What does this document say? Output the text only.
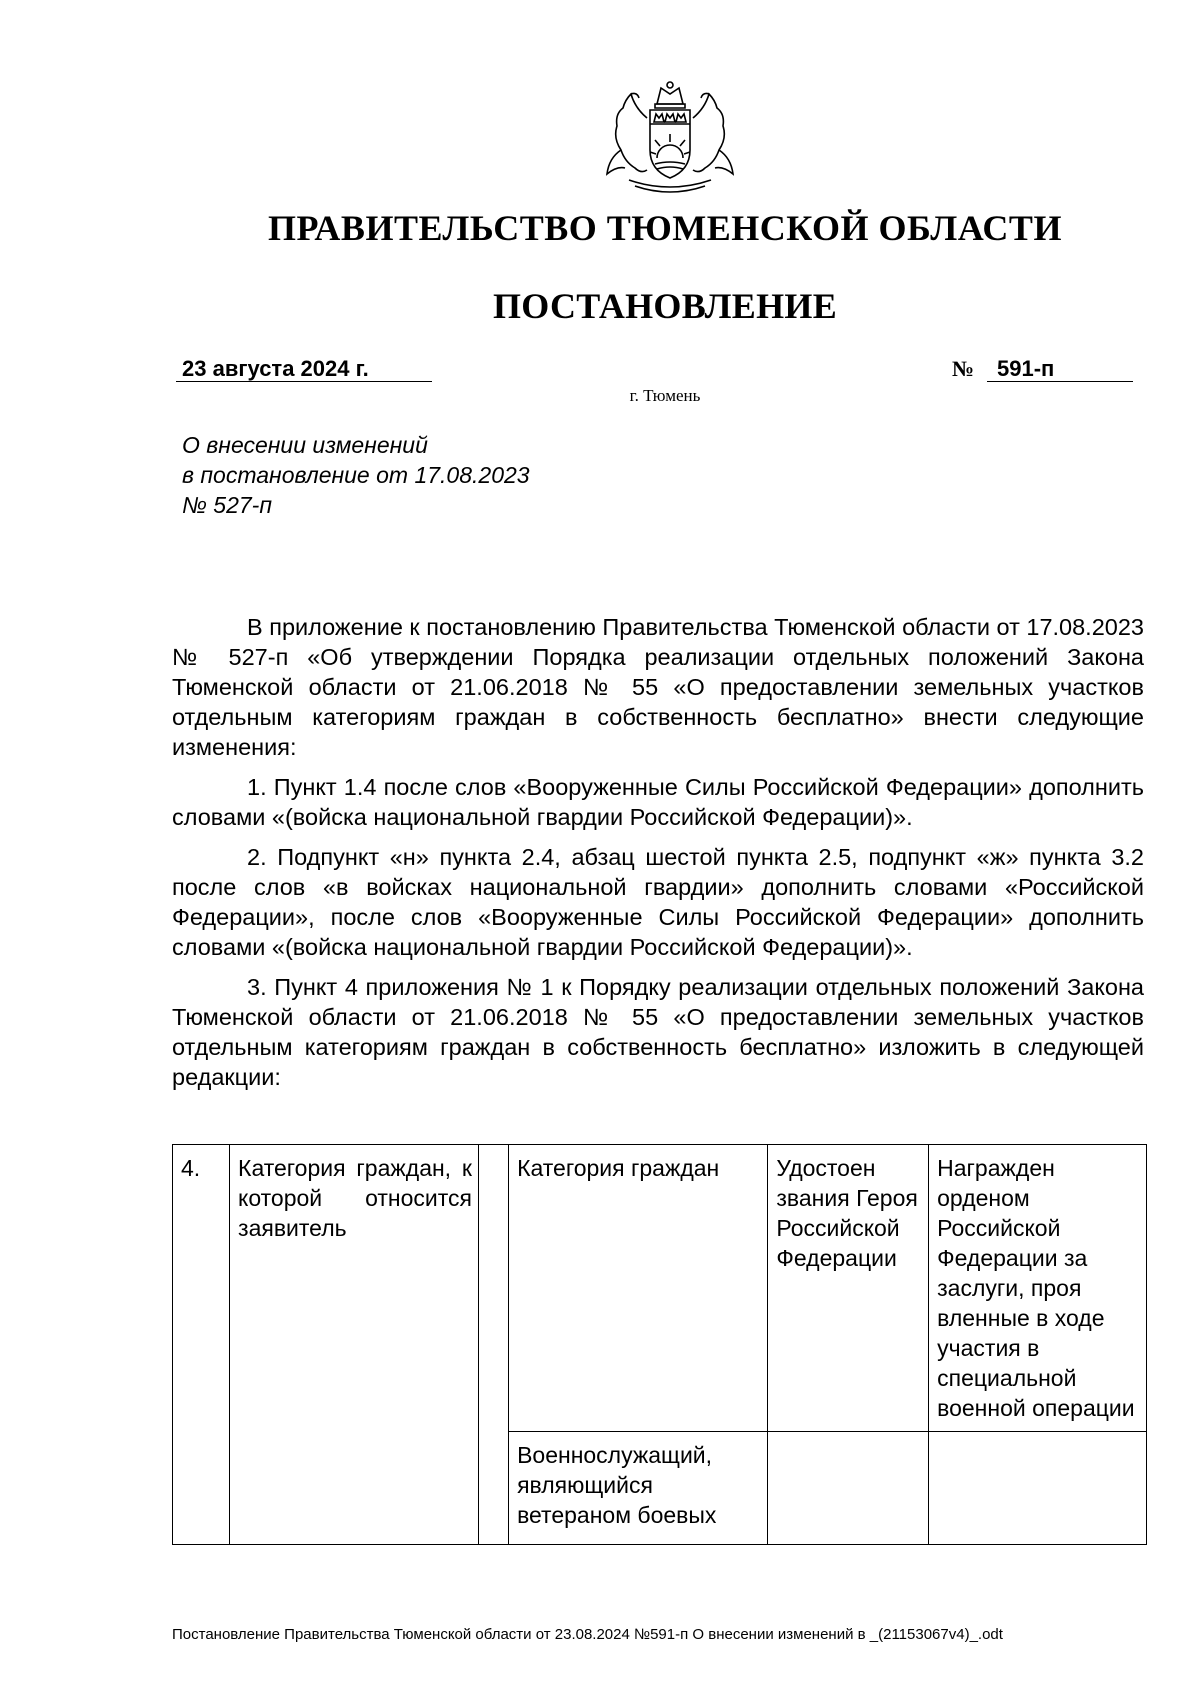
ПРАВИТЕЛЬСТВО ТЮМЕНСКОЙ ОБЛАСТИ
ПОСТАНОВЛЕНИЕ
23 августа 2024 г.	№	591-п
г. Тюмень
О внесении изменений
в постановление от 17.08.2023
№ 527-п

В приложение к постановлению Правительства Тюменской области от 17.08.2023 № 527-п «Об утверждении Порядка реализации отдельных положений Закона Тюменской области от 21.06.2018 № 55 «О предоставлении земельных участков отдельным категориям граждан в собственность бесплатно» внести следующие изменения:

1. Пункт 1.4 после слов «Вооруженные Силы Российской Федерации» дополнить словами «(войска национальной гвардии Российской Федерации)».

2. Подпункт «н» пункта 2.4, абзац шестой пункта 2.5, подпункт «ж» пункта 3.2 после слов «в войсках национальной гвардии» дополнить словами «Российской Федерации», после слов «Вооруженные Силы Российской Федерации» дополнить словами «(войска национальной гвардии Российской Федерации)».

3. Пункт 4 приложения № 1 к Порядку реализации отдельных положений Закона Тюменской области от 21.06.2018 № 55 «О предоставлении земельных участков отдельным категориям граждан в собственность бесплатно» изложить в следующей редакции:

4.	Категория граждан, к которой относится заявитель		Категория граждан	Удостоен звания Героя Российской Федерации	Награжден орденом Российской Федерации за заслуги, проя вленные в ходе участия в специальной военной операции
			Военнослужащий, являющийся ветераном боевых		
Постановление Правительства Тюменской области от 23.08.2024 №591-п О внесении изменений в _(21153067v4)_.odt
